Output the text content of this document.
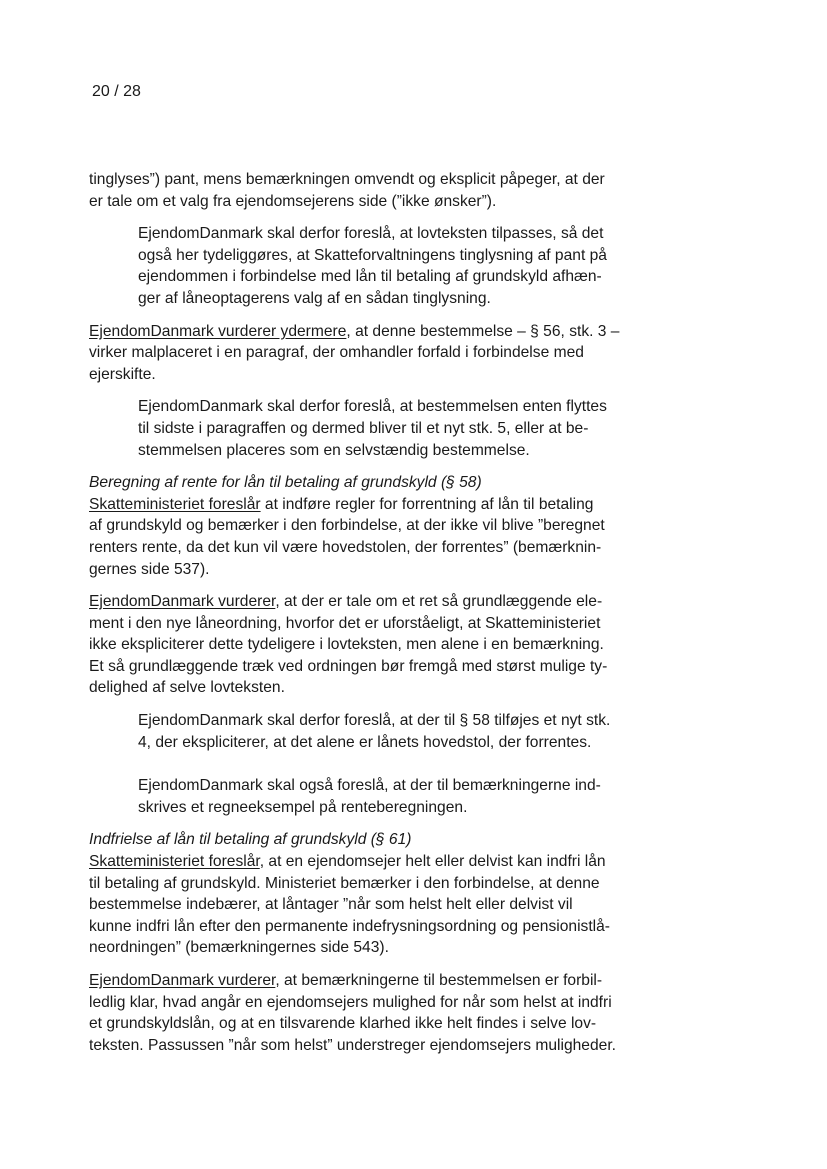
20 / 28

tinglyses”) pant, mens bemærkningen omvendt og eksplicit påpeger, at der
er tale om et valg fra ejendomsejerens side (”ikke ønsker”).

EjendomDanmark skal derfor foreslå, at lovteksten tilpasses, så det
også her tydeliggøres, at Skatteforvaltningens tinglysning af pant på
ejendommen i forbindelse med lån til betaling af grundskyld afhæn-
ger af låneoptagerens valg af en sådan tinglysning.

EjendomDanmark vurderer ydermere, at denne bestemmelse – § 56, stk. 3 –
virker malplaceret i en paragraf, der omhandler forfald i forbindelse med
ejerskifte.

EjendomDanmark skal derfor foreslå, at bestemmelsen enten flyttes
til sidste i paragraffen og dermed bliver til et nyt stk. 5, eller at be-
stemmelsen placeres som en selvstændig bestemmelse.

Beregning af rente for lån til betaling af grundskyld (§ 58)

Skatteministeriet foreslår at indføre regler for forrentning af lån til betaling
af grundskyld og bemærker i den forbindelse, at der ikke vil blive ”beregnet
renters rente, da det kun vil være hovedstolen, der forrentes” (bemærknin-
gernes side 537).

EjendomDanmark vurderer, at der er tale om et ret så grundlæggende ele-
ment i den nye låneordning, hvorfor det er uforståeligt, at Skatteministeriet
ikke ekspliciterer dette tydeligere i lovteksten, men alene i en bemærkning.
Et så grundlæggende træk ved ordningen bør fremgå med størst mulige ty-
delighed af selve lovteksten.

EjendomDanmark skal derfor foreslå, at der til § 58 tilføjes et nyt stk.
4, der ekspliciterer, at det alene er lånets hovedstol, der forrentes.

EjendomDanmark skal også foreslå, at der til bemærkningerne ind-
skrives et regneeksempel på renteberegningen.

Indfrielse af lån til betaling af grundskyld (§ 61)

Skatteministeriet foreslår, at en ejendomsejer helt eller delvist kan indfri lån
til betaling af grundskyld. Ministeriet bemærker i den forbindelse, at denne
bestemmelse indebærer, at låntager ”når som helst helt eller delvist vil
kunne indfri lån efter den permanente indefrysningsordning og pensionistlå-
neordningen” (bemærkningernes side 543).

EjendomDanmark vurderer, at bemærkningerne til bestemmelsen er forbil-
ledlig klar, hvad angår en ejendomsejers mulighed for når som helst at indfri
et grundskyldslån, og at en tilsvarende klarhed ikke helt findes i selve lov-
teksten. Passussen ”når som helst” understreger ejendomsejers muligheder.
